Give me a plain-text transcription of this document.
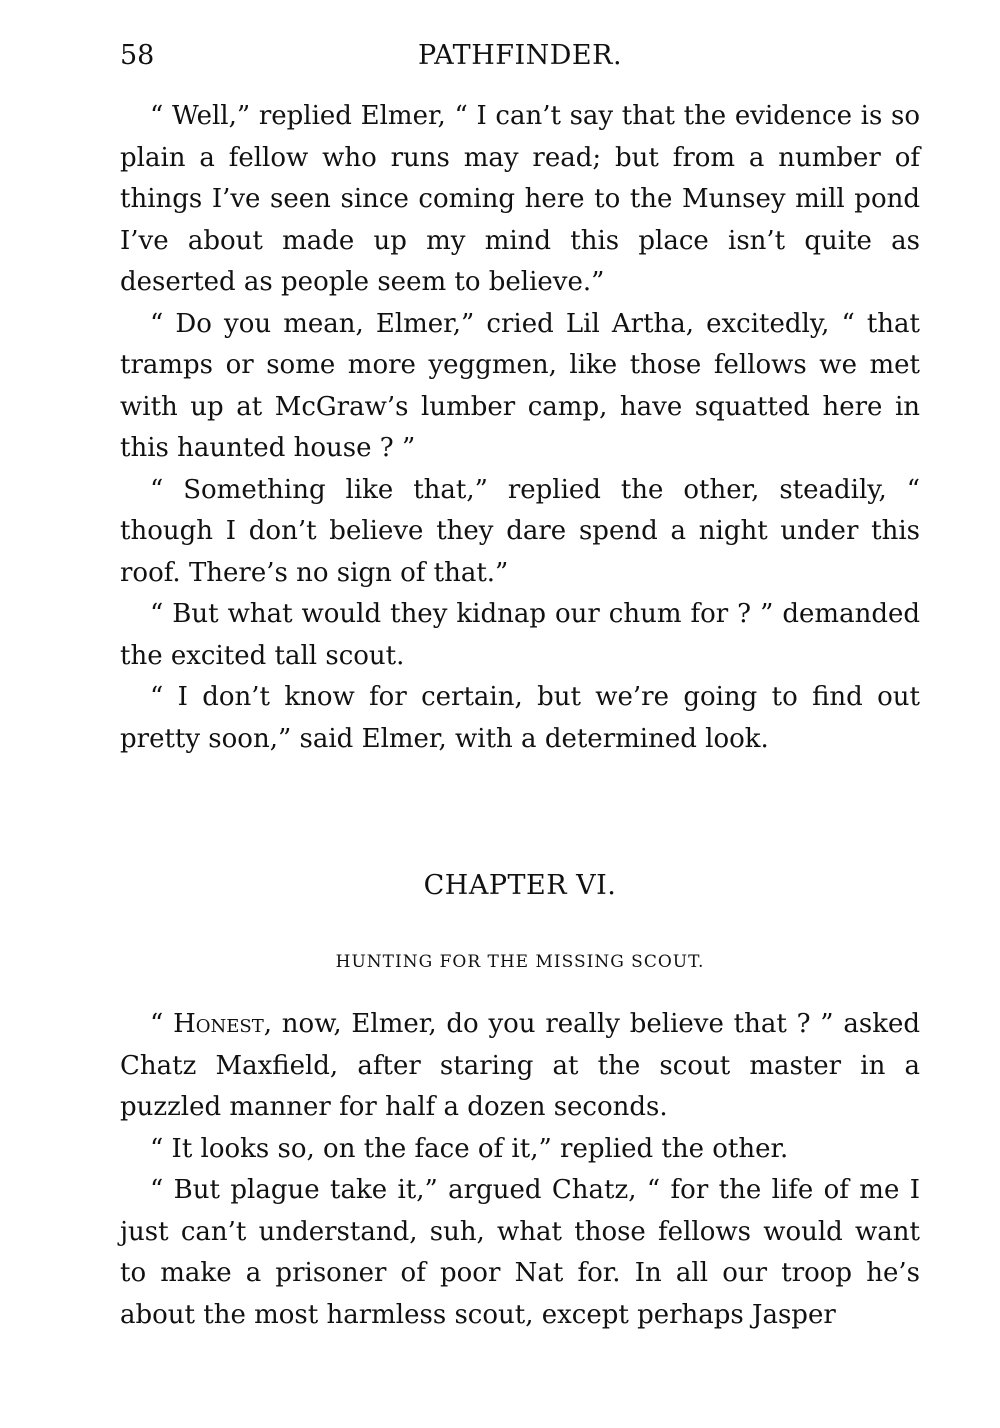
58	PATHFINDER.

“ Well,” replied Elmer, “ I can’t say that the evidence is so plain a fellow who runs may read; but from a number of things I’ve seen since coming here to the Munsey mill pond I’ve about made up my mind this place isn’t quite as deserted as people seem to believe.”

“ Do you mean, Elmer,” cried Lil Artha, excitedly, “ that tramps or some more yeggmen, like those fellows we met with up at McGraw’s lumber camp, have squatted here in this haunted house ? ”

“ Something like that,” replied the other, steadily, “ though I don’t believe they dare spend a night under this roof. There’s no sign of that.”

“ But what would they kidnap our chum for ? ” demanded the excited tall scout.

“ I don’t know for certain, but we’re going to find out pretty soon,” said Elmer, with a determined look.

CHAPTER VI.
HUNTING FOR THE MISSING SCOUT.

“ Honest, now, Elmer, do you really believe that ? ” asked Chatz Maxfield, after staring at the scout master in a puzzled manner for half a dozen seconds.

“ It looks so, on the face of it,” replied the other.

“ But plague take it,” argued Chatz, “ for the life of me I just can’t understand, suh, what those fellows would want to make a prisoner of poor Nat for. In all our troop he’s about the most harmless scout, except perhaps Jasper
